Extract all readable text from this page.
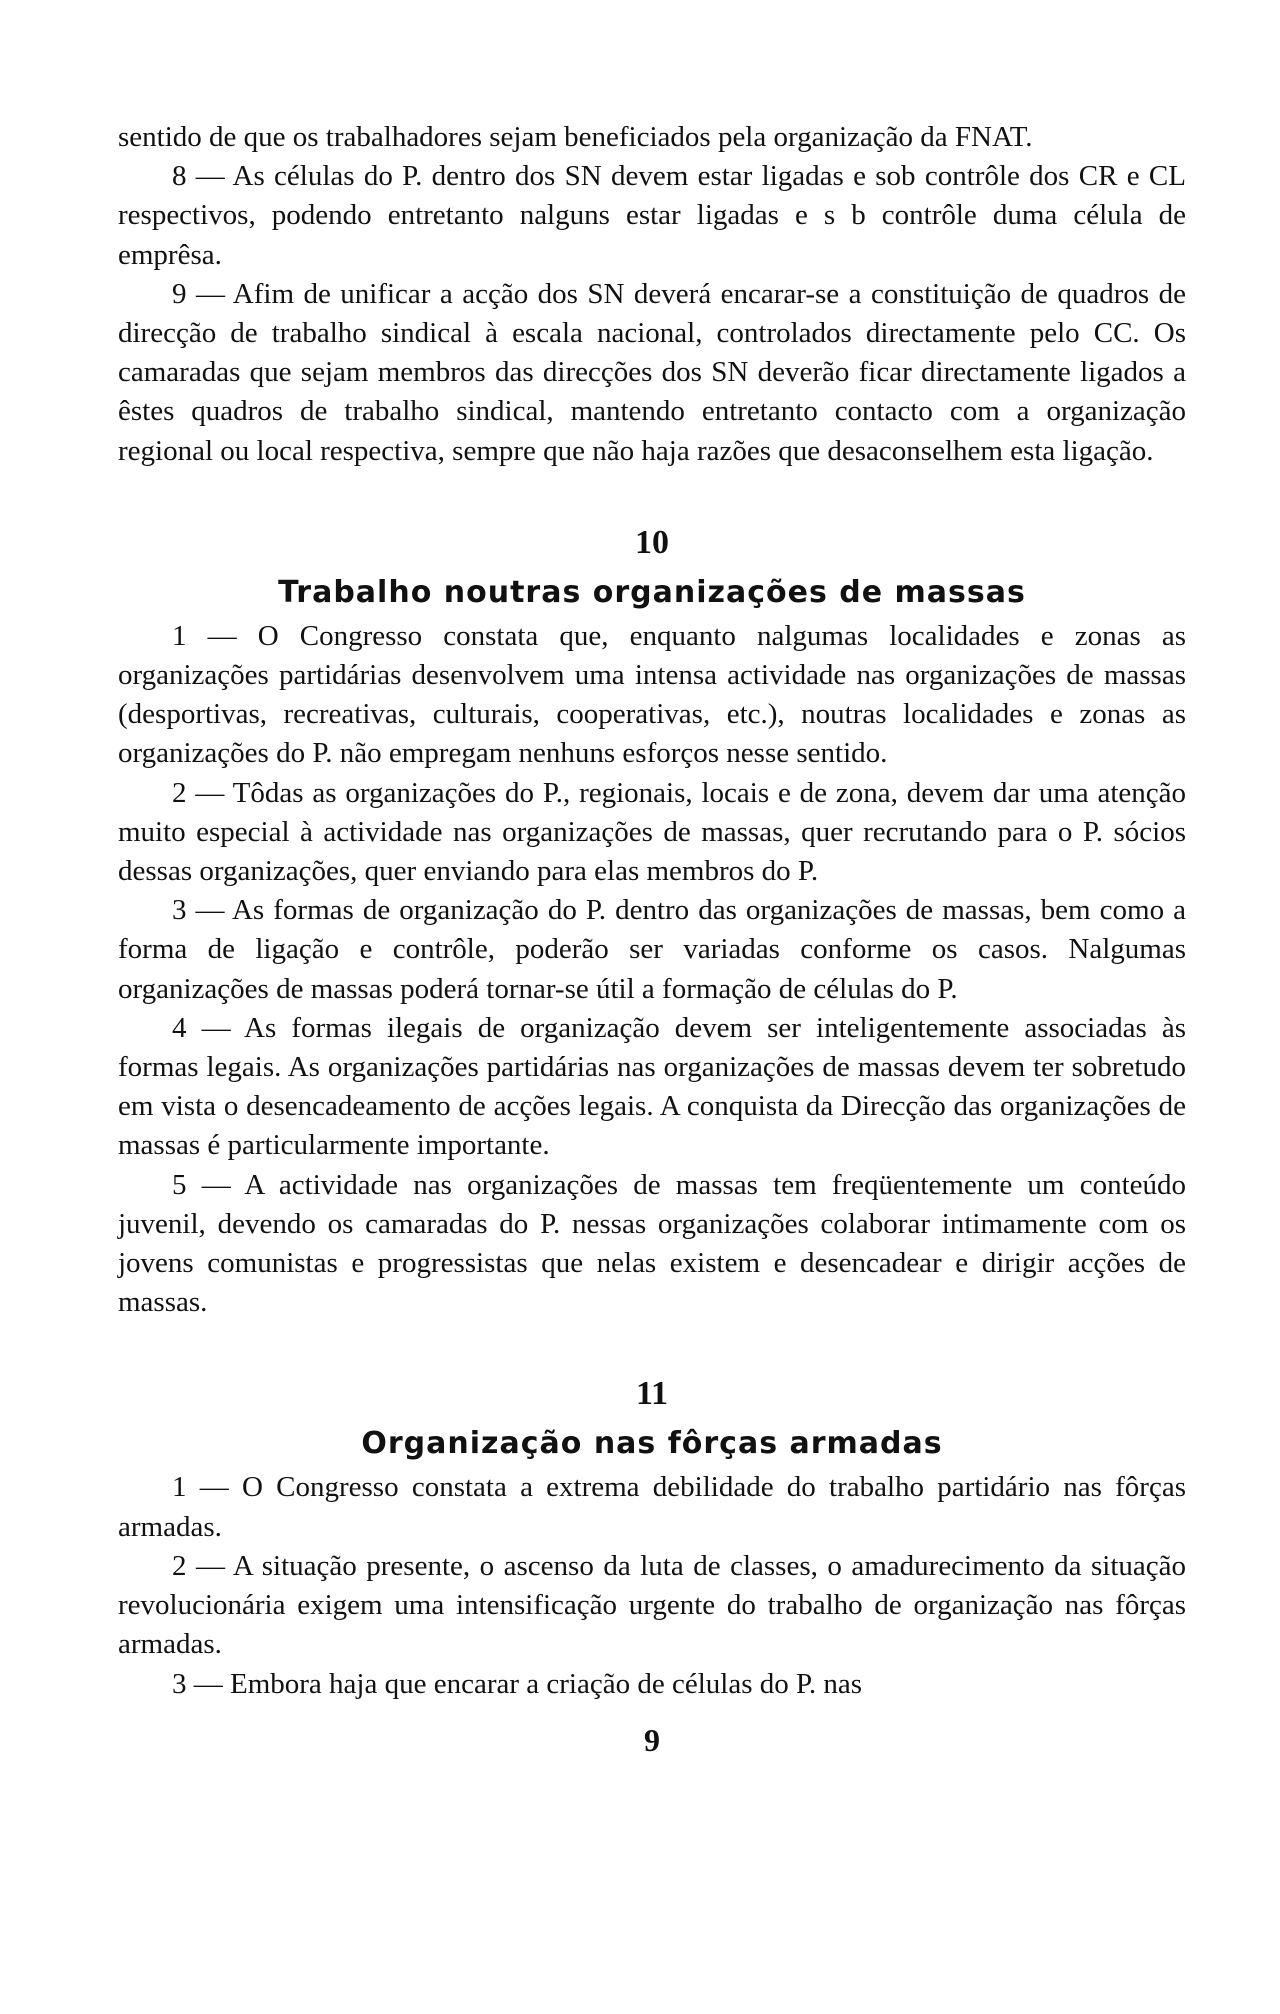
sentido de que os trabalhadores sejam beneficiados pela organização da FNAT.

8 — As células do P. dentro dos SN devem estar ligadas e sob contrôle dos CR e CL respectivos, podendo entretanto nalguns estar ligadas e s b contrôle duma célula de emprêsa.

9 — Afim de unificar a acção dos SN deverá encarar-se a constituição de quadros de direcção de trabalho sindical à escala nacional, controlados directamente pelo CC. Os camaradas que sejam membros das direcções dos SN deverão ficar directamente ligados a êstes quadros de trabalho sindical, mantendo entretanto contacto com a organização regional ou local respectiva, sempre que não haja razões que desaconselhem esta ligação.

10
Trabalho noutras organizações de massas

1 — O Congresso constata que, enquanto nalgumas localidades e zonas as organizações partidárias desenvolvem uma intensa actividade nas organizações de massas (desportivas, recreativas, culturais, cooperativas, etc.), noutras localidades e zonas as organizações do P. não empregam nenhuns esforços nesse sentido.

2 — Tôdas as organizações do P., regionais, locais e de zona, devem dar uma atenção muito especial à actividade nas organizações de massas, quer recrutando para o P. sócios dessas organizações, quer enviando para elas membros do P.

3 — As formas de organização do P. dentro das organizações de massas, bem como a forma de ligação e contrôle, poderão ser variadas conforme os casos. Nalgumas organizações de massas poderá tornar-se útil a formação de células do P.

4 — As formas ilegais de organização devem ser inteligentemente associadas às formas legais. As organizações partidárias nas organizações de massas devem ter sobretudo em vista o desencadeamento de acções legais. A conquista da Direcção das organizações de massas é particularmente importante.

5 — A actividade nas organizações de massas tem freqüentemente um conteúdo juvenil, devendo os camaradas do P. nessas organizações colaborar intimamente com os jovens comunistas e progressistas que nelas existem e desencadear e dirigir acções de massas.

11
Organização nas fôrças armadas

1 — O Congresso constata a extrema debilidade do trabalho partidário nas fôrças armadas.

2 — A situação presente, o ascenso da luta de classes, o amadurecimento da situação revolucionária exigem uma intensificação urgente do trabalho de organização nas fôrças armadas.

3 — Embora haja que encarar a criação de células do P. nas

9
